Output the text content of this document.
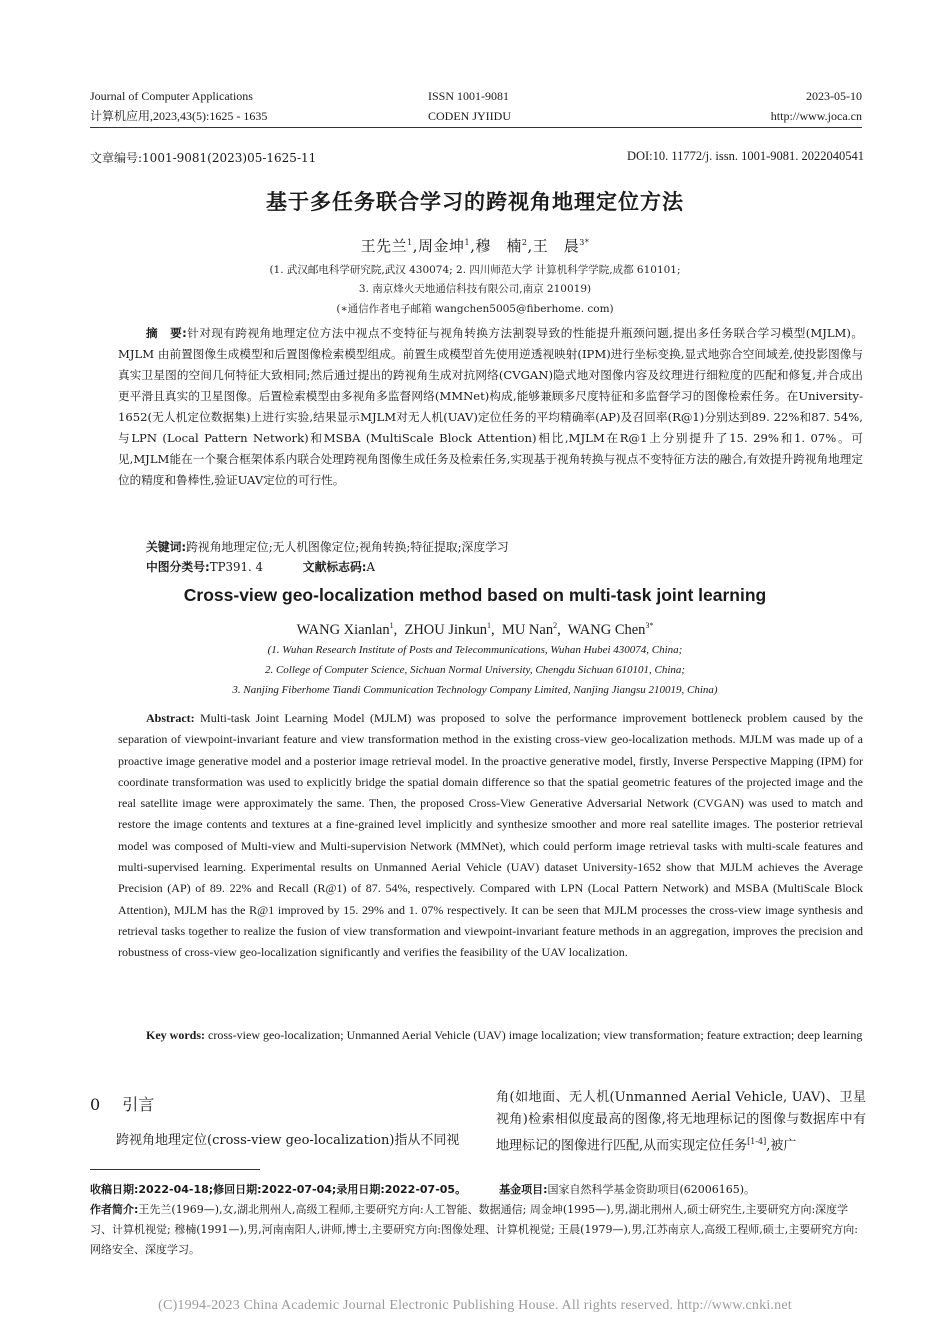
Journal of Computer Applications
计算机应用,2023,43(5):1625 - 1635
ISSN 1001-9081
CODEN JYIIDU
2023-05-10
http://www.joca.cn
文章编号:1001-9081(2023)05-1625-11	DOI:10. 11772/j. issn. 1001-9081. 2022040541
基于多任务联合学习的跨视角地理定位方法
王先兰$^1$,周金坤$^1$,穆　楠$^2$,王　晨$^{3*}$
(1. 武汉邮电科学研究院,武汉 430074; 2. 四川师范大学 计算机科学学院,成都 610101;
3. 南京烽火天地通信科技有限公司,南京 210019)
(∗通信作者电子邮箱 wangchen5005@fiberhome. com)
摘　要:针对现有跨视角地理定位方法中视点不变特征与视角转换方法割裂导致的性能提升瓶颈问题,提出多任务联合学习模型(MJLM)。MJLM 由前置图像生成模型和后置图像检索模型组成。前置生成模型首先使用逆透视映射(IPM)进行坐标变换,显式地弥合空间域差,使投影图像与真实卫星图的空间几何特征大致相同;然后通过提出的跨视角生成对抗网络(CVGAN)隐式地对图像内容及纹理进行细粒度的匹配和修复,并合成出更平滑且真实的卫星图像。后置检索模型由多视角多监督网络(MMNet)构成,能够兼顾多尺度特征和多监督学习的图像检索任务。在University-1652(无人机定位数据集)上进行实验,结果显示MJLM对无人机(UAV)定位任务的平均精确率(AP)及召回率(R@1)分别达到89. 22%和87. 54%,与LPN (Local Pattern Network)和MSBA (MultiScale Block Attention)相比,MJLM在R@1上分别提升了15. 29%和1. 07%。可见,MJLM能在一个聚合框架体系内联合处理跨视角图像生成任务及检索任务,实现基于视角转换与视点不变特征方法的融合,有效提升跨视角地理定位的精度和鲁棒性,验证UAV定位的可行性。
关键词:跨视角地理定位;无人机图像定位;视角转换;特征提取;深度学习
中图分类号:TP391. 4	文献标志码:A
Cross-view geo-localization method based on multi-task joint learning
WANG Xianlan$^1$,  ZHOU Jinkun$^1$,  MU Nan$^2$,  WANG Chen$^{3*}$
(1. Wuhan Research Institute of Posts and Telecommunications, Wuhan Hubei 430074, China;
2. College of Computer Science, Sichuan Normal University, Chengdu Sichuan 610101, China;
3. Nanjing Fiberhome Tiandi Communication Technology Company Limited, Nanjing Jiangsu 210019, China)
Abstract: Multi-task Joint Learning Model (MJLM) was proposed to solve the performance improvement bottleneck problem caused by the separation of viewpoint-invariant feature and view transformation method in the existing cross-view geo-localization methods. MJLM was made up of a proactive image generative model and a posterior image retrieval model. In the proactive generative model, firstly, Inverse Perspective Mapping (IPM) for coordinate transformation was used to explicitly bridge the spatial domain difference so that the spatial geometric features of the projected image and the real satellite image were approximately the same. Then, the proposed Cross-View Generative Adversarial Network (CVGAN) was used to match and restore the image contents and textures at a fine-grained level implicitly and synthesize smoother and more real satellite images. The posterior retrieval model was composed of Multi-view and Multi-supervision Network (MMNet), which could perform image retrieval tasks with multi-scale features and multi-supervised learning. Experimental results on Unmanned Aerial Vehicle (UAV) dataset University-1652 show that MJLM achieves the Average Precision (AP) of 89. 22% and Recall (R@1) of 87. 54%, respectively. Compared with LPN (Local Pattern Network) and MSBA (MultiScale Block Attention), MJLM has the R@1 improved by 15. 29% and 1. 07% respectively. It can be seen that MJLM processes the cross-view image synthesis and retrieval tasks together to realize the fusion of view transformation and viewpoint-invariant feature methods in an aggregation, improves the precision and robustness of cross-view geo-localization significantly and verifies the feasibility of the UAV localization.
Key words: cross-view geo-localization; Unmanned Aerial Vehicle (UAV) image localization; view transformation; feature extraction; deep learning
0 引言
跨视角地理定位(cross-view geo-localization)指从不同视
角(如地面、无人机(Unmanned Aerial Vehicle, UAV)、卫星视角)检索相似度最高的图像,将无地理标记的图像与数据库中有地理标记的图像进行匹配,从而实现定位任务[1-4],被广
收稿日期:2022-04-18;修回日期:2022-07-04;录用日期:2022-07-05。	基金项目:国家自然科学基金资助项目(62006165)。
作者简介:王先兰(1969—),女,湖北荆州人,高级工程师,主要研究方向:人工智能、数据通信; 周金坤(1995—),男,湖北荆州人,硕士研究生,主要研究方向:深度学习、计算机视觉; 穆楠(1991—),男,河南南阳人,讲师,博士,主要研究方向:图像处理、计算机视觉; 王晨(1979—),男,江苏南京人,高级工程师,硕士,主要研究方向:网络安全、深度学习。
(C)1994-2023 China Academic Journal Electronic Publishing House. All rights reserved. http://www.cnki.net
